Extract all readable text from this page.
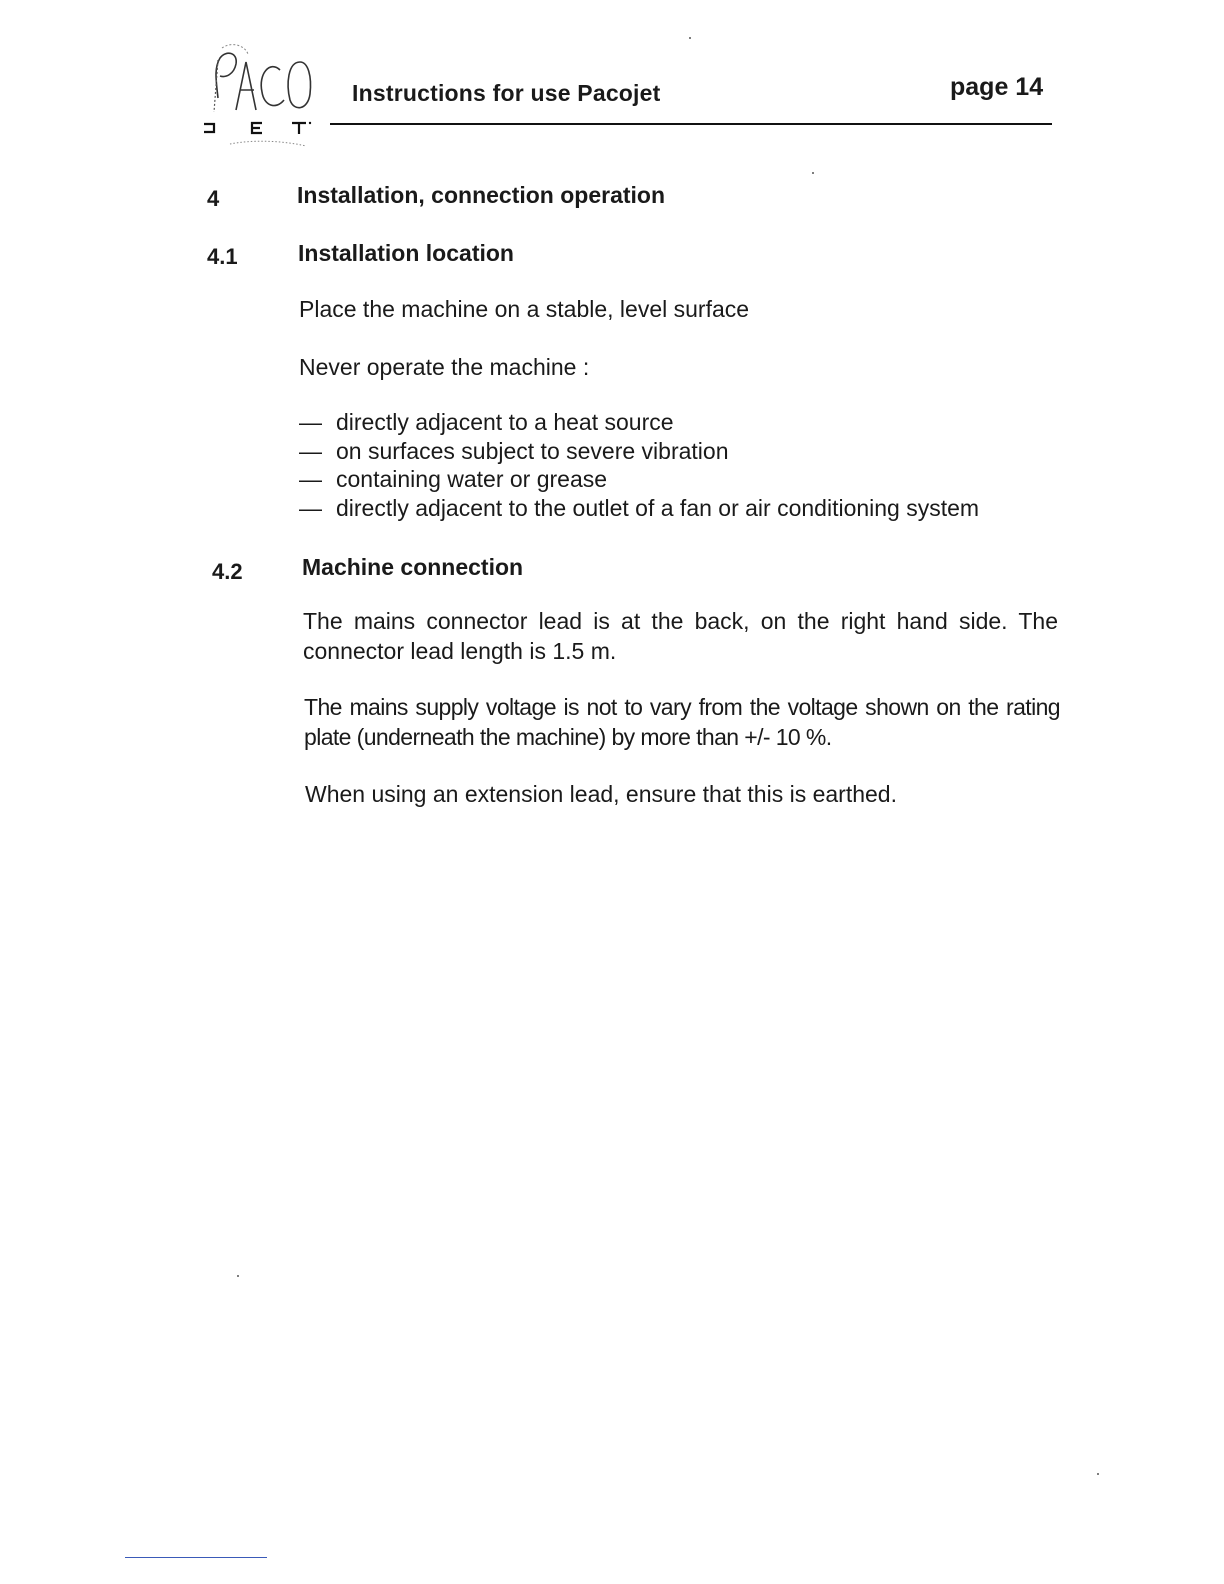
Instructions for use Pacojet	page 14
4	Installation, connection operation
4.1	Installation location
Place the machine on a stable, level surface
Never operate the machine :
— directly adjacent to a heat source
— on surfaces subject to severe vibration
— containing water or grease
— directly adjacent to the outlet of a fan or air conditioning system
4.2	Machine connection
The mains connector lead is at the back, on the right hand side. The connector lead length is 1.5 m.
The mains supply voltage is not to vary from the voltage shown on the rating plate (underneath the machine) by more than +/- 10 %.
When using an extension lead, ensure that this is earthed.
